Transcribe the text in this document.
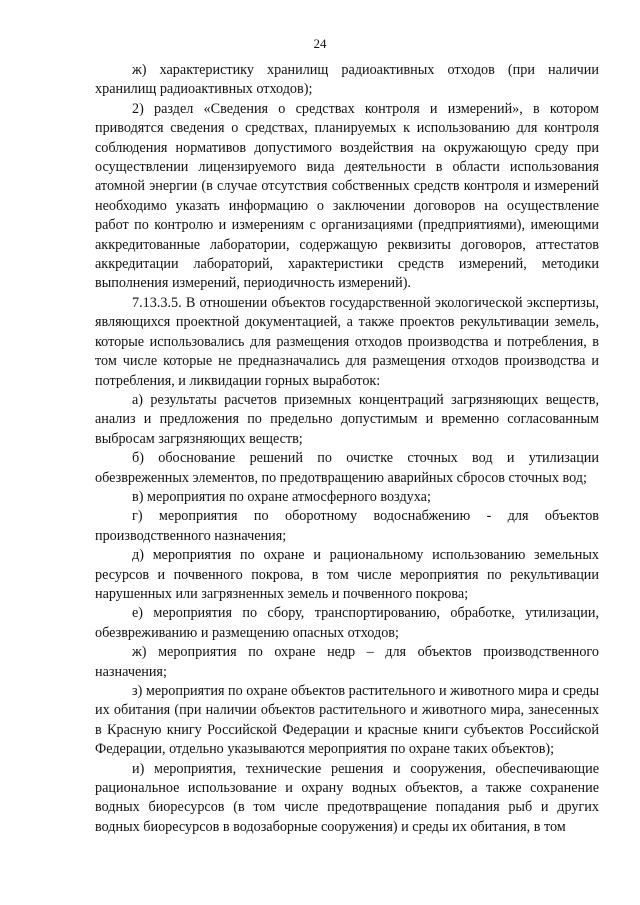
24

ж) характеристику хранилищ радиоактивных отходов (при наличии хранилищ радиоактивных отходов);

2) раздел «Сведения о средствах контроля и измерений», в котором приводятся сведения о средствах, планируемых к использованию для контроля соблюдения нормативов допустимого воздействия на окружающую среду при осуществлении лицензируемого вида деятельности в области использования атомной энергии (в случае отсутствия собственных средств контроля и измерений необходимо указать информацию о заключении договоров на осуществление работ по контролю и измерениям с организациями (предприятиями), имеющими аккредитованные лаборатории, содержащую реквизиты договоров, аттестатов аккредитации лабораторий, характеристики средств измерений, методики выполнения измерений, периодичность измерений).

7.13.3.5. В отношении объектов государственной экологической экспертизы, являющихся проектной документацией, а также проектов рекультивации земель, которые использовались для размещения отходов производства и потребления, в том числе которые не предназначались для размещения отходов производства и потребления, и ликвидации горных выработок:

а) результаты расчетов приземных концентраций загрязняющих веществ, анализ и предложения по предельно допустимым и временно согласованным выбросам загрязняющих веществ;

б) обоснование решений по очистке сточных вод и утилизации обезвреженных элементов, по предотвращению аварийных сбросов сточных вод;

в) мероприятия по охране атмосферного воздуха;

г) мероприятия по оборотному водоснабжению - для объектов производственного назначения;

д) мероприятия по охране и рациональному использованию земельных ресурсов и почвенного покрова, в том числе мероприятия по рекультивации нарушенных или загрязненных земель и почвенного покрова;

е) мероприятия по сбору, транспортированию, обработке, утилизации, обезвреживанию и размещению опасных отходов;

ж) мероприятия по охране недр – для объектов производственного назначения;

з) мероприятия по охране объектов растительного и животного мира и среды их обитания (при наличии объектов растительного и животного мира, занесенных в Красную книгу Российской Федерации и красные книги субъектов Российской Федерации, отдельно указываются мероприятия по охране таких объектов);

и) мероприятия, технические решения и сооружения, обеспечивающие рациональное использование и охрану водных объектов, а также сохранение водных биоресурсов (в том числе предотвращение попадания рыб и других водных биоресурсов в водозаборные сооружения) и среды их обитания, в том
